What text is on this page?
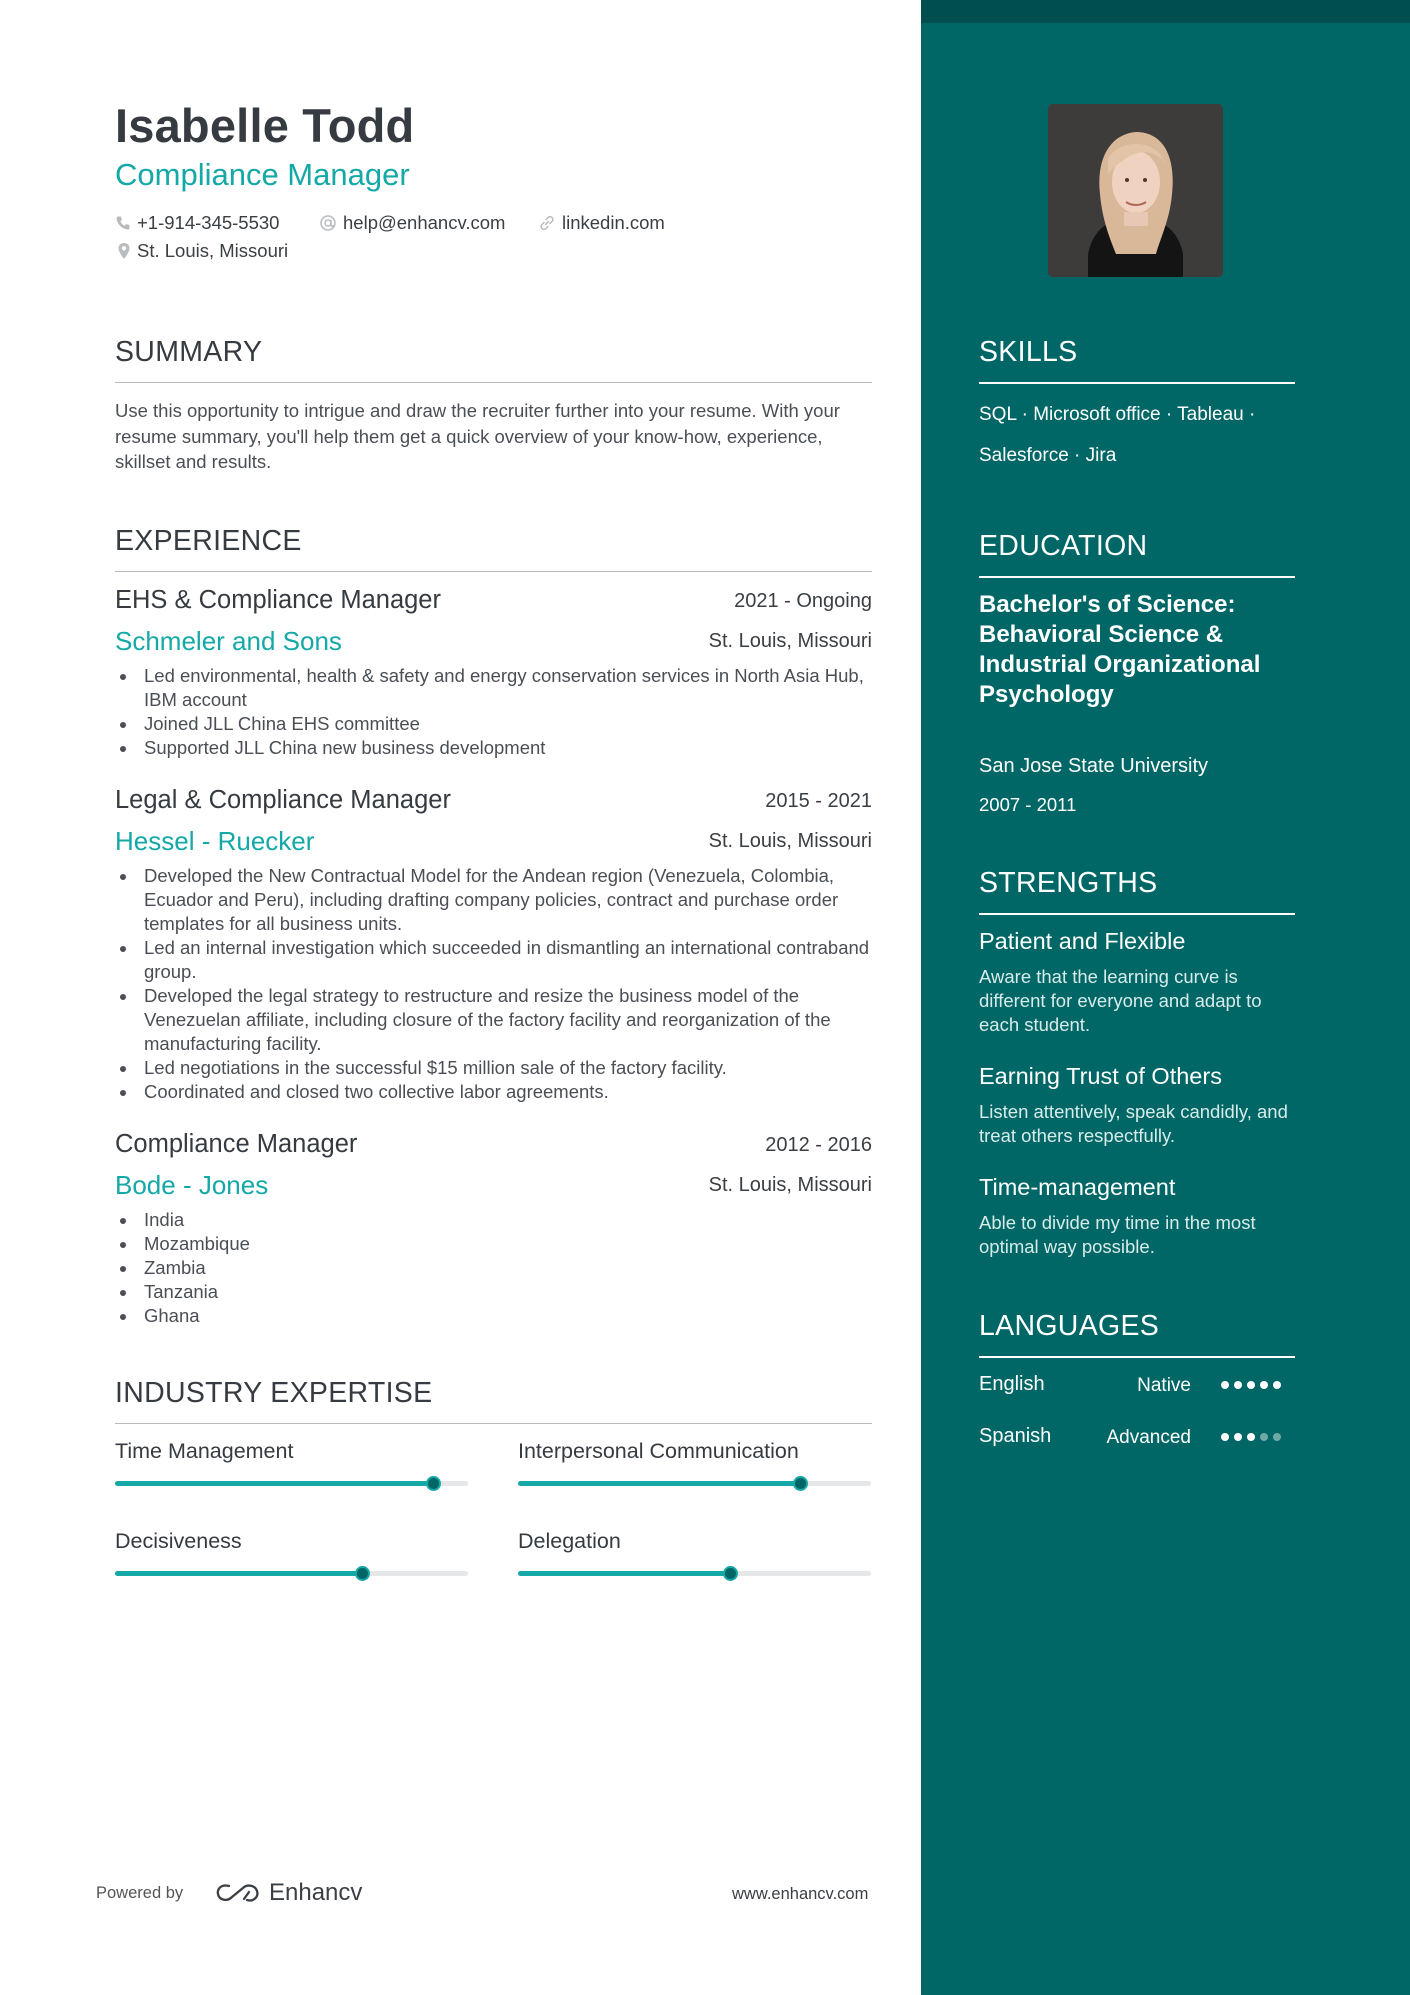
Isabelle Todd
Compliance Manager
+1-914-345-5530	help@enhancv.com	linkedin.com
St. Louis, Missouri
SUMMARY
Use this opportunity to intrigue and draw the recruiter further into your resume. With your resume summary, you'll help them get a quick overview of your know-how, experience, skillset and results.
EXPERIENCE
EHS & Compliance Manager	2021 - Ongoing
Schmeler and Sons	St. Louis, Missouri
Led environmental, health & safety and energy conservation services in North Asia Hub, IBM account
Joined JLL China EHS committee
Supported JLL China new business development
Legal & Compliance Manager	2015 - 2021
Hessel - Ruecker	St. Louis, Missouri
Developed the New Contractual Model for the Andean region (Venezuela, Colombia, Ecuador and Peru), including drafting company policies, contract and purchase order templates for all business units.
Led an internal investigation which succeeded in dismantling an international contraband group.
Developed the legal strategy to restructure and resize the business model of the Venezuelan affiliate, including closure of the factory facility and reorganization of the manufacturing facility.
Led negotiations in the successful $15 million sale of the factory facility.
Coordinated and closed two collective labor agreements.
Compliance Manager	2012 - 2016
Bode - Jones	St. Louis, Missouri
India
Mozambique
Zambia
Tanzania
Ghana
INDUSTRY EXPERTISE
Time Management	Interpersonal Communication
Decisiveness	Delegation
Powered by	Enhancv	www.enhancv.com
SKILLS
SQL · Microsoft office · Tableau ·
Salesforce · Jira
EDUCATION
Bachelor's of Science: Behavioral Science & Industrial Organizational Psychology
San Jose State University
2007 - 2011
STRENGTHS
Patient and Flexible
Aware that the learning curve is different for everyone and adapt to each student.
Earning Trust of Others
Listen attentively, speak candidly, and treat others respectfully.
Time-management
Able to divide my time in the most optimal way possible.
LANGUAGES
English	Native
Spanish	Advanced
